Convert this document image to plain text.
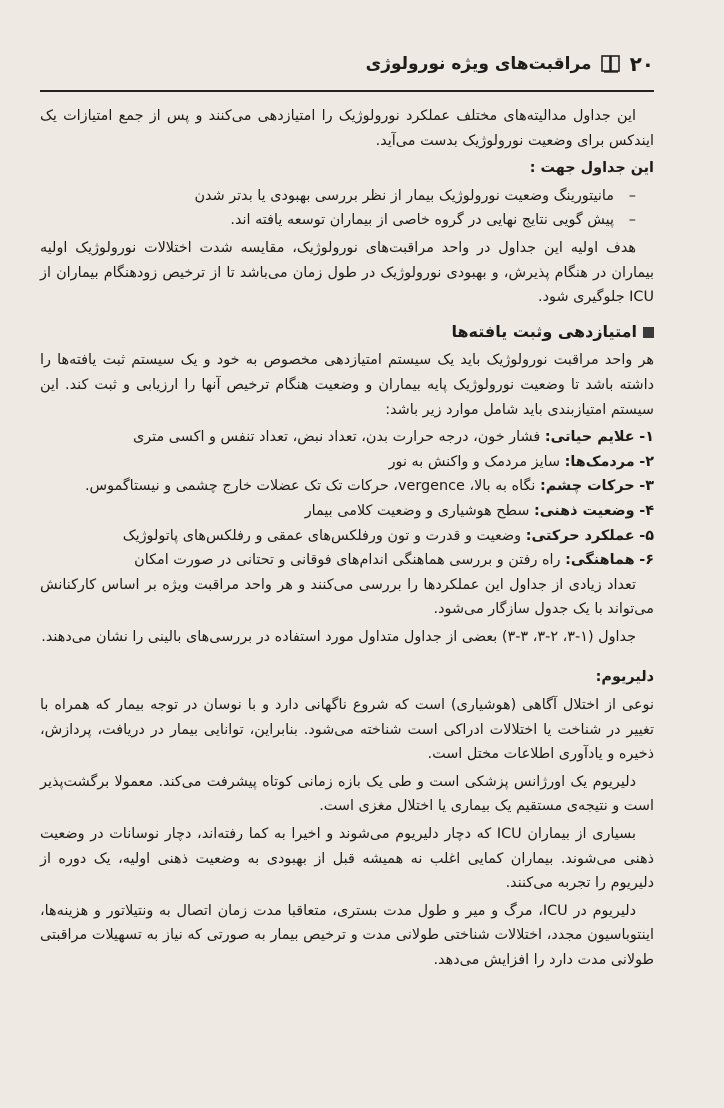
۲۰
مراقبت‌های ویژه نورولوژی

این جداول مدالیته‌های مختلف عملکرد نورولوژیک را امتیازدهی می‌کنند و پس از جمع امتیازات یک ایندکس برای وضعیت نورولوژیک بدست می‌آید.

این جداول جهت :

–
مانیتورینگ وضعیت نورولوژیک بیمار از نظر بررسی بهبودی یا بدتر شدن
–
پیش گویی نتایج نهایی در گروه خاصی از بیماران توسعه یافته اند.

هدف اولیه این جداول در واحد مراقبت‌های نورولوژیک، مقایسه شدت اختلالات نورولوژیک اولیه بیماران در هنگام پذیرش، و بهبودی نورولوژیک در طول زمان می‌باشد تا از ترخیص زودهنگام بیماران از ICU جلوگیری شود.

امتیازدهی وثبت یافته‌ها

هر واحد مراقبت نورولوژیک باید یک سیستم امتیازدهی مخصوص به خود و یک سیستم ثبت یافته‌ها را داشته باشد تا وضعیت نورولوژیک پایه بیماران و وضعیت هنگام ترخیص آنها را ارزیابی و ثبت کند. این سیستم امتیازبندی باید شامل موارد زیر باشد:

۱- علایم حیاتی: فشار خون، درجه حرارت بدن، تعداد نبض، تعداد تنفس و اکسی متری
۲- مردمک‌ها: سایز مردمک و واکنش به نور
۳- حرکات چشم: نگاه به بالا، vergence، حرکات تک تک عضلات خارج چشمی و نیستاگموس.
۴- وضعیت ذهنی: سطح هوشیاری و وضعیت کلامی بیمار
۵- عملکرد حرکتی: وضعیت و قدرت و تون ورفلکس‌های عمقی و رفلکس‌های پاتولوژیک
۶- هماهنگی: راه رفتن و بررسی هماهنگی اندام‌های فوقانی و تحتانی در صورت امکان

تعداد زیادی از جداول این عملکردها را بررسی می‌کنند و هر واحد مراقبت ویژه بر اساس کارکنانش می‌تواند با یک جدول سازگار می‌شود.

جداول (۱-۳، ۲-۳، ۳-۳) بعضی از جداول متداول مورد استفاده در بررسی‌های بالینی را نشان می‌دهند.

دلیریوم:

نوعی از اختلال آگاهی (هوشیاری) است که شروع ناگهانی دارد و با نوسان در توجه بیمار که همراه با تغییر در شناخت یا اختلالات ادراکی است شناخته می‌شود. بنابراین، توانایی بیمار در دریافت، پردازش، ذخیره و یادآوری اطلاعات مختل است.

دلیریوم یک اورژانس پزشکی است و طی یک بازه زمانی کوتاه پیشرفت می‌کند. معمولا برگشت‌پذیر است و نتیجه‌ی مستقیم یک بیماری یا اختلال مغزی است.

بسیاری از بیماران ICU که دچار دلیریوم می‌شوند و اخیرا به کما رفته‌اند، دچار نوسانات در وضعیت ذهنی می‌شوند. بیماران کمایی اغلب نه همیشه قبل از بهبودی به وضعیت ذهنی اولیه، یک دوره از دلیریوم را تجربه می‌کنند.

دلیریوم در ICU، مرگ و میر و طول مدت بستری، متعاقبا مدت زمان اتصال به ونتیلاتور و هزینه‌ها، اینتوباسیون مجدد، اختلالات شناختی طولانی مدت و ترخیص بیمار به صورتی که نیاز به تسهیلات مراقبتی طولانی مدت دارد را افزایش می‌دهد.
